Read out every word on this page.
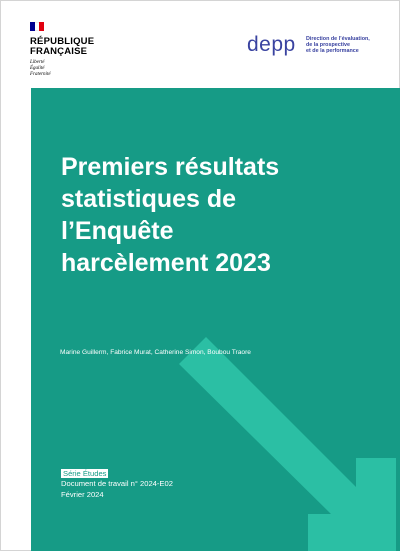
RÉPUBLIQUE
FRANÇAISE
Liberté
Égalité
Fraternité
depp Direction de l’évaluation,
de la prospective
et de la performance
Premiers résultats
statistiques de
l’Enquête
harcèlement 2023
Marine Guillerm, Fabrice Murat, Catherine Simon, Boubou Traore
Série Études
Document de travail n° 2024-E02
Février 2024
